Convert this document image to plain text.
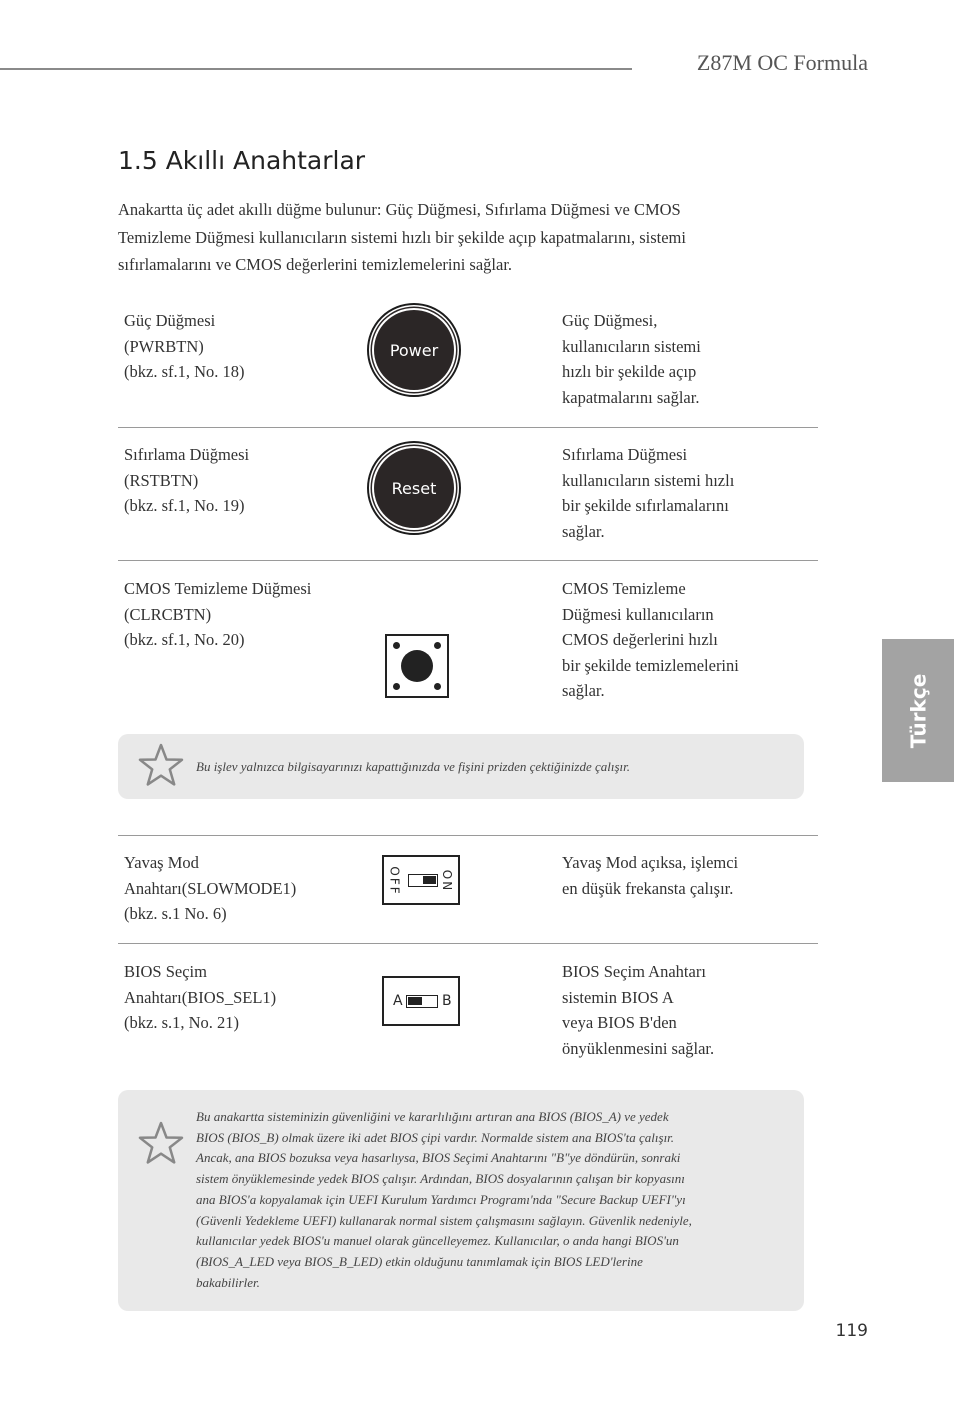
Z87M OC Formula
1.5 Akıllı Anahtarlar
Anakartta üç adet akıllı düğme bulunur: Güç Düğmesi, Sıfırlama Düğmesi ve CMOS
Temizleme Düğmesi kullanıcıların sistemi hızlı bir şekilde açıp kapatmalarını, sistemi
sıfırlamalarını ve CMOS değerlerini temizlemelerini sağlar.
Güç Düğmesi
(PWRBTN)
(bkz. sf.1, No. 18)
Power
Güç Düğmesi,
kullanıcıların sistemi
hızlı bir şekilde açıp
kapatmalarını sağlar.
Sıfırlama Düğmesi
(RSTBTN)
(bkz. sf.1, No. 19)
Reset
Sıfırlama Düğmesi
kullanıcıların sistemi hızlı
bir şekilde sıfırlamalarını
sağlar.
CMOS Temizleme Düğmesi
(CLRCBTN)
(bkz. sf.1, No. 20)
CMOS Temizleme
Düğmesi kullanıcıların
CMOS değerlerini hızlı
bir şekilde temizlemelerini
sağlar.
Bu işlev yalnızca bilgisayarınızı kapattığınızda ve fişini prizden çektiğinizde çalışır.
Yavaş Mod
Anahtarı(SLOWMODE1)
(bkz. s.1 No. 6)
OFF	ON
Yavaş Mod açıksa, işlemci
en düşük frekansta çalışır.
BIOS Seçim
Anahtarı(BIOS_SEL1)
(bkz. s.1, No. 21)
A	B
BIOS Seçim Anahtarı
sistemin BIOS A
veya BIOS B'den
önyüklenmesini sağlar.
Bu anakartta sisteminizin güvenliğini ve kararlılığını artıran ana BIOS (BIOS_A) ve yedek
BIOS (BIOS_B) olmak üzere iki adet BIOS çipi vardır. Normalde sistem ana BIOS'ta çalışır.
Ancak, ana BIOS bozuksa veya hasarlıysa, BIOS Seçimi Anahtarını "B"ye döndürün, sonraki
sistem önyüklemesinde yedek BIOS çalışır. Ardından, BIOS dosyalarının çalışan bir kopyasını
ana BIOS'a kopyalamak için UEFI Kurulum Yardımcı Programı'nda "Secure Backup UEFI"yı
(Güvenli Yedekleme UEFI) kullanarak normal sistem çalışmasını sağlayın. Güvenlik nedeniyle,
kullanıcılar yedek BIOS'u manuel olarak güncelleyemez. Kullanıcılar, o anda hangi BIOS'un
(BIOS_A_LED veya BIOS_B_LED) etkin olduğunu tanımlamak için BIOS LED'lerine
bakabilirler.
Türkçe
119
